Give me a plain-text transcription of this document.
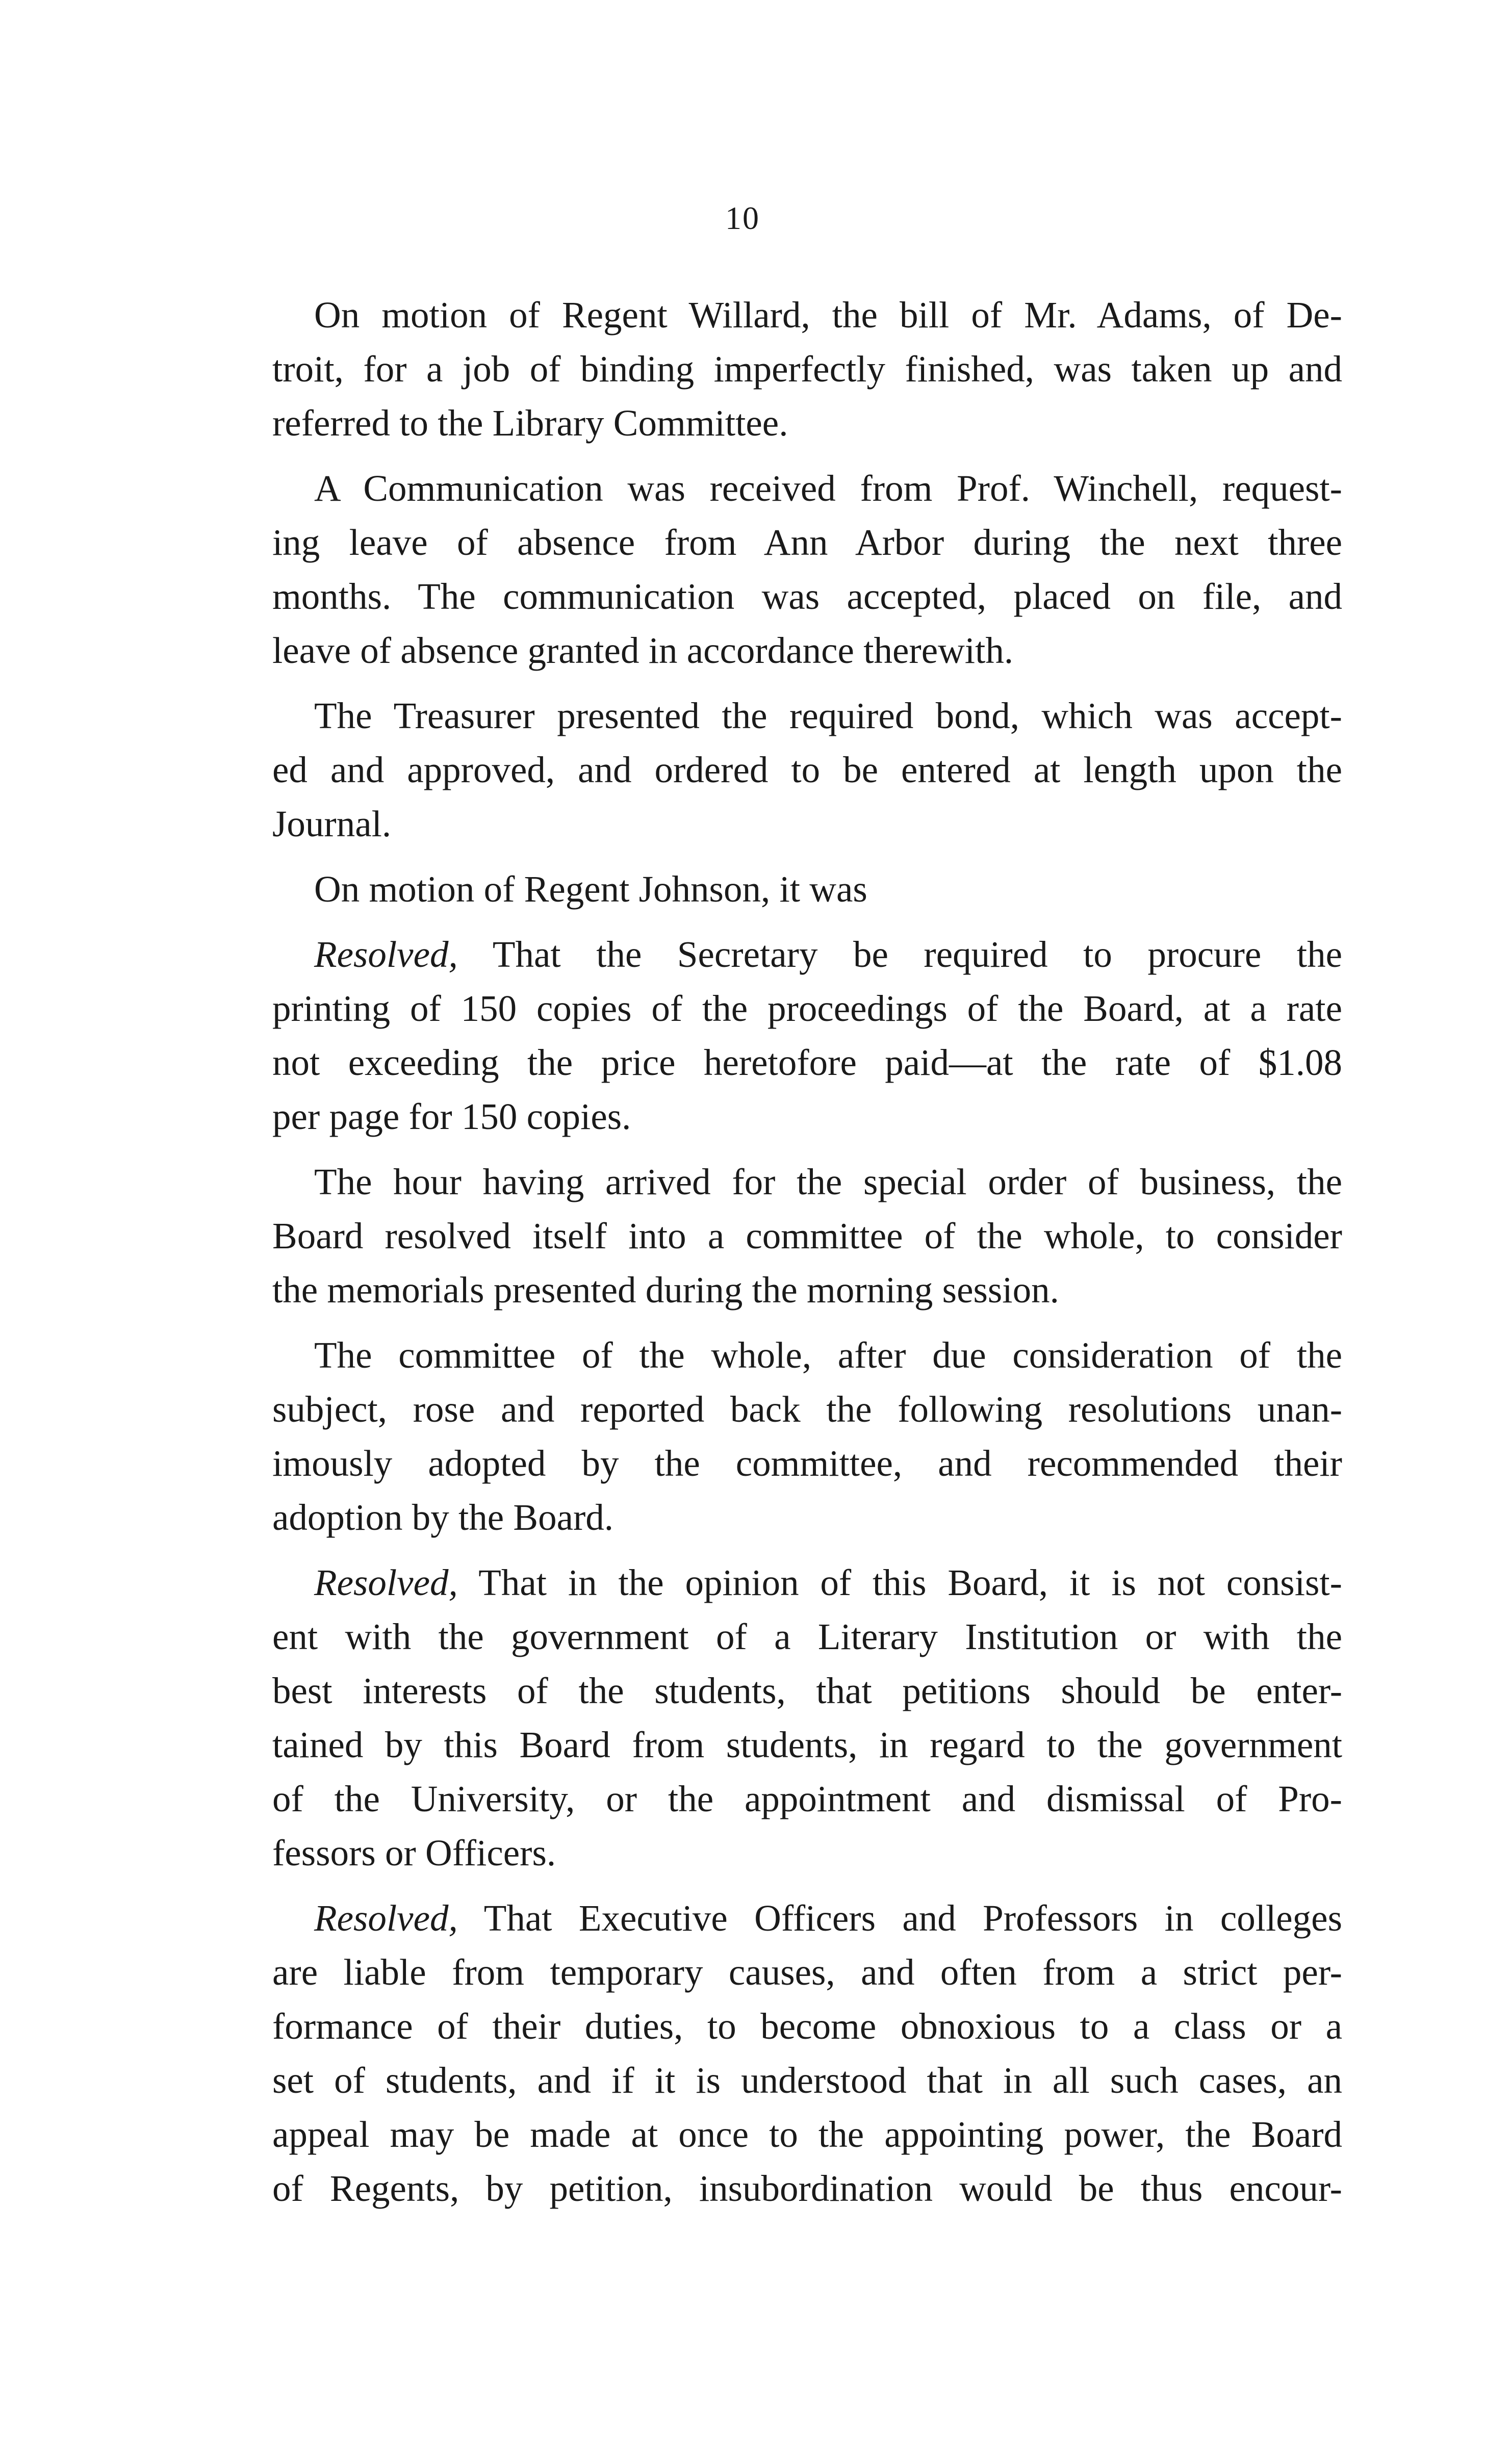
10

On motion of Regent Willard, the bill of Mr. Adams, of De-
troit, for a job of binding imperfectly finished, was taken up and
referred to the Library Committee.

A Communication was received from Prof. Winchell, request-
ing leave of absence from Ann Arbor during the next three
months. The communication was accepted, placed on file, and
leave of absence granted in accordance therewith.

The Treasurer presented the required bond, which was accept-
ed and approved, and ordered to be entered at length upon the
Journal.

On motion of Regent Johnson, it was

Resolved, That the Secretary be required to procure the
printing of 150 copies of the proceedings of the Board, at a rate
not exceeding the price heretofore paid—at the rate of $1.08
per page for 150 copies.

The hour having arrived for the special order of business, the
Board resolved itself into a committee of the whole, to consider
the memorials presented during the morning session.

The committee of the whole, after due consideration of the
subject, rose and reported back the following resolutions unan-
imously adopted by the committee, and recommended their
adoption by the Board.

Resolved, That in the opinion of this Board, it is not consist-
ent with the government of a Literary Institution or with the
best interests of the students, that petitions should be enter-
tained by this Board from students, in regard to the government
of the University, or the appointment and dismissal of Pro-
fessors or Officers.

Resolved, That Executive Officers and Professors in colleges
are liable from temporary causes, and often from a strict per-
formance of their duties, to become obnoxious to a class or a
set of students, and if it is understood that in all such cases, an
appeal may be made at once to the appointing power, the Board
of Regents, by petition, insubordination would be thus encour-
